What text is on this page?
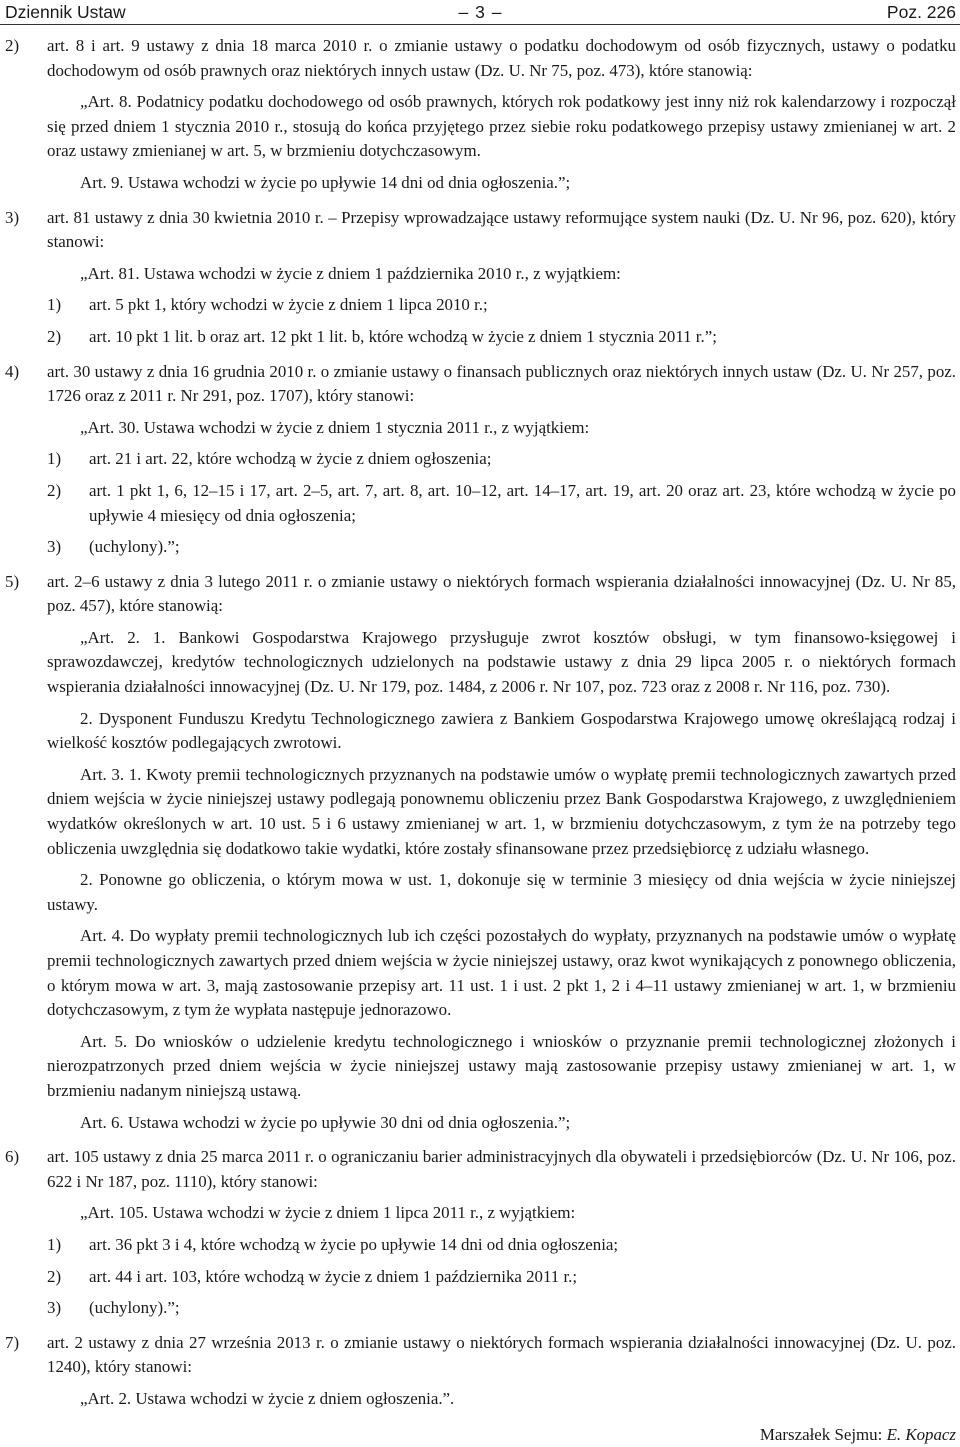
Dziennik Ustaw	– 3 –	Poz. 226
2) art. 8 i art. 9 ustawy z dnia 18 marca 2010 r. o zmianie ustawy o podatku dochodowym od osób fizycznych, ustawy o podatku dochodowym od osób prawnych oraz niektórych innych ustaw (Dz. U. Nr 75, poz. 473), które stanowią:
„Art. 8. Podatnicy podatku dochodowego od osób prawnych, których rok podatkowy jest inny niż rok kalendarzowy i rozpoczął się przed dniem 1 stycznia 2010 r., stosują do końca przyjętego przez siebie roku podatkowego przepisy ustawy zmienianej w art. 2 oraz ustawy zmienianej w art. 5, w brzmieniu dotychczasowym.
Art. 9. Ustawa wchodzi w życie po upływie 14 dni od dnia ogłoszenia.”;
3) art. 81 ustawy z dnia 30 kwietnia 2010 r. – Przepisy wprowadzające ustawy reformujące system nauki (Dz. U. Nr 96, poz. 620), który stanowi:
„Art. 81. Ustawa wchodzi w życie z dniem 1 października 2010 r., z wyjątkiem:
1) art. 5 pkt 1, który wchodzi w życie z dniem 1 lipca 2010 r.;
2) art. 10 pkt 1 lit. b oraz art. 12 pkt 1 lit. b, które wchodzą w życie z dniem 1 stycznia 2011 r.”;
4) art. 30 ustawy z dnia 16 grudnia 2010 r. o zmianie ustawy o finansach publicznych oraz niektórych innych ustaw (Dz. U. Nr 257, poz. 1726 oraz z 2011 r. Nr 291, poz. 1707), który stanowi:
„Art. 30. Ustawa wchodzi w życie z dniem 1 stycznia 2011 r., z wyjątkiem:
1) art. 21 i art. 22, które wchodzą w życie z dniem ogłoszenia;
2) art. 1 pkt 1, 6, 12–15 i 17, art. 2–5, art. 7, art. 8, art. 10–12, art. 14–17, art. 19, art. 20 oraz art. 23, które wchodzą w życie po upływie 4 miesięcy od dnia ogłoszenia;
3) (uchylony).”;
5) art. 2–6 ustawy z dnia 3 lutego 2011 r. o zmianie ustawy o niektórych formach wspierania działalności innowacyjnej (Dz. U. Nr 85, poz. 457), które stanowią:
„Art. 2. 1. Bankowi Gospodarstwa Krajowego przysługuje zwrot kosztów obsługi, w tym finansowo-księgowej i sprawozdawczej, kredytów technologicznych udzielonych na podstawie ustawy z dnia 29 lipca 2005 r. o niektórych formach wspierania działalności innowacyjnej (Dz. U. Nr 179, poz. 1484, z 2006 r. Nr 107, poz. 723 oraz z 2008 r. Nr 116, poz. 730).
2. Dysponent Funduszu Kredytu Technologicznego zawiera z Bankiem Gospodarstwa Krajowego umowę określającą rodzaj i wielkość kosztów podlegających zwrotowi.
Art. 3. 1. Kwoty premii technologicznych przyznanych na podstawie umów o wypłatę premii technologicznych zawartych przed dniem wejścia w życie niniejszej ustawy podlegają ponownemu obliczeniu przez Bank Gospodarstwa Krajowego, z uwzględnieniem wydatków określonych w art. 10 ust. 5 i 6 ustawy zmienianej w art. 1, w brzmieniu dotychczasowym, z tym że na potrzeby tego obliczenia uwzględnia się dodatkowo takie wydatki, które zostały sfinansowane przez przedsiębiorcę z udziału własnego.
2. Ponowne go obliczenia, o którym mowa w ust. 1, dokonuje się w terminie 3 miesięcy od dnia wejścia w życie niniejszej ustawy.
Art. 4. Do wypłaty premii technologicznych lub ich części pozostałych do wypłaty, przyznanych na podstawie umów o wypłatę premii technologicznych zawartych przed dniem wejścia w życie niniejszej ustawy, oraz kwot wynikających z ponownego obliczenia, o którym mowa w art. 3, mają zastosowanie przepisy art. 11 ust. 1 i ust. 2 pkt 1, 2 i 4–11 ustawy zmienianej w art. 1, w brzmieniu dotychczasowym, z tym że wypłata następuje jednorazowo.
Art. 5. Do wniosków o udzielenie kredytu technologicznego i wniosków o przyznanie premii technologicznej złożonych i nierozpatrzonych przed dniem wejścia w życie niniejszej ustawy mają zastosowanie przepisy ustawy zmienianej w art. 1, w brzmieniu nadanym niniejszą ustawą.
Art. 6. Ustawa wchodzi w życie po upływie 30 dni od dnia ogłoszenia.”;
6) art. 105 ustawy z dnia 25 marca 2011 r. o ograniczaniu barier administracyjnych dla obywateli i przedsiębiorców (Dz. U. Nr 106, poz. 622 i Nr 187, poz. 1110), który stanowi:
„Art. 105. Ustawa wchodzi w życie z dniem 1 lipca 2011 r., z wyjątkiem:
1) art. 36 pkt 3 i 4, które wchodzą w życie po upływie 14 dni od dnia ogłoszenia;
2) art. 44 i art. 103, które wchodzą w życie z dniem 1 października 2011 r.;
3) (uchylony).”;
7) art. 2 ustawy z dnia 27 września 2013 r. o zmianie ustawy o niektórych formach wspierania działalności innowacyjnej (Dz. U. poz. 1240), który stanowi:
„Art. 2. Ustawa wchodzi w życie z dniem ogłoszenia.”.
Marszałek Sejmu: E. Kopacz
